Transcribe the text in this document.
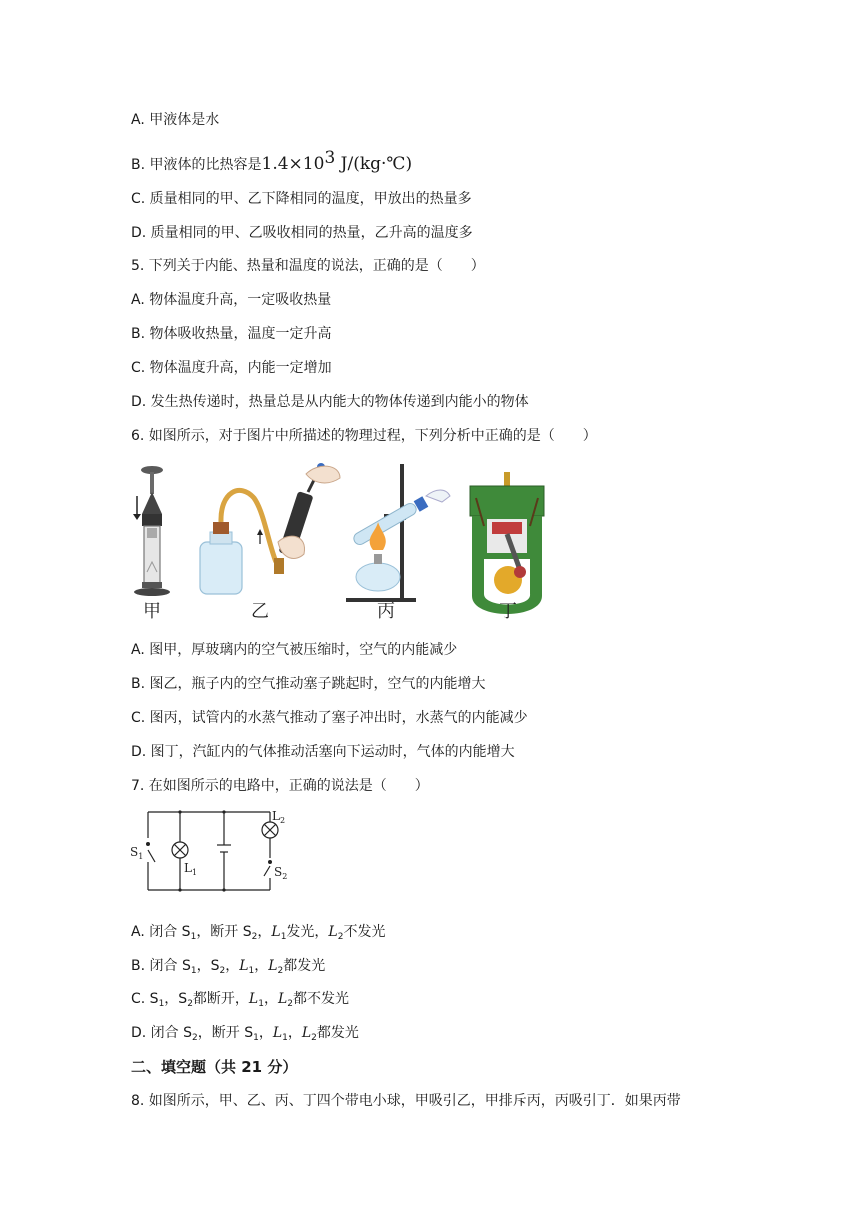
A. 甲液体是水
B. 甲液体的比热容是1.4×103 J/(kg·℃)
C. 质量相同的甲、乙下降相同的温度，甲放出的热量多
D. 质量相同的甲、乙吸收相同的热量，乙升高的温度多
5. 下列关于内能、热量和温度的说法，正确的是（　　）
A. 物体温度升高，一定吸收热量
B. 物体吸收热量，温度一定升高
C. 物体温度升高，内能一定增加
D. 发生热传递时，热量总是从内能大的物体传递到内能小的物体
6. 如图所示，对于图片中所描述的物理过程，下列分析中正确的是（　　）
甲	乙	丙	丁
A. 图甲，厚玻璃内的空气被压缩时，空气的内能减少
B. 图乙，瓶子内的空气推动塞子跳起时，空气的内能增大
C. 图丙，试管内的水蒸气推动了塞子冲出时，水蒸气的内能减少
D. 图丁，汽缸内的气体推动活塞向下运动时，气体的内能增大
7. 在如图所示的电路中，正确的说法是（　　）
$S_1$
$L_1$
$L_2$
$S_2$
A. 闭合 $S_1$，断开 $S_2$，$L_1$发光，$L_2$不发光
B. 闭合 $S_1$，$S_2$，$L_1$，$L_2$都发光
C. $S_1$，$S_2$都断开，$L_1$，$L_2$都不发光
D. 闭合 $S_2$，断开 $S_1$，$L_1$，$L_2$都发光
二、填空题（共 21 分）
8. 如图所示，甲、乙、丙、丁四个带电小球，甲吸引乙，甲排斥丙，丙吸引丁．如果丙带
